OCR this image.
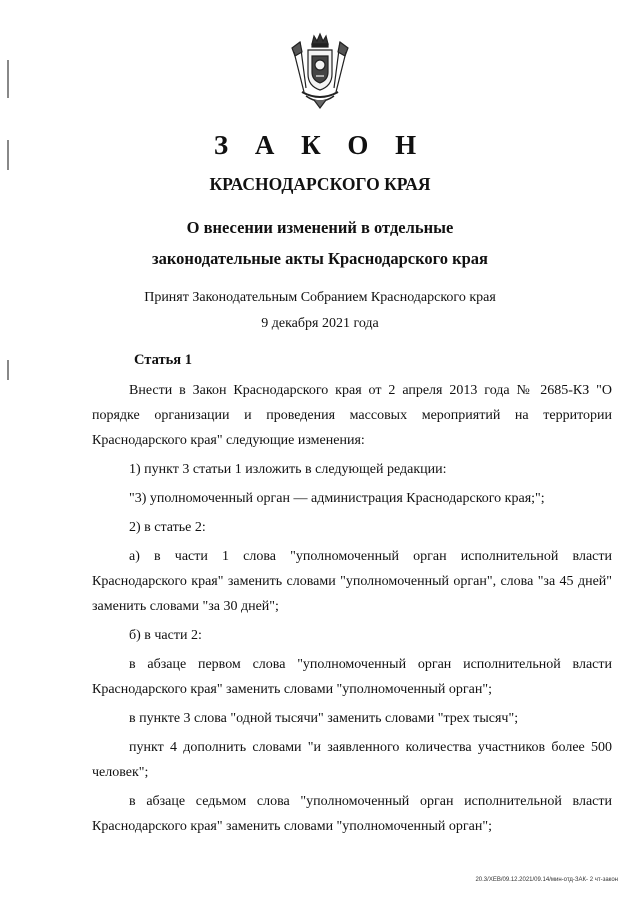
З А К О Н
КРАСНОДАРСКОГО КРАЯ
О внесении изменений в отдельные
законодательные акты Краснодарского края
Принят Законодательным Собранием Краснодарского края
9 декабря 2021 года
Статья 1

Внести в Закон Краснодарского края от 2 апреля 2013 года № 2685-КЗ "О порядке организации и проведения массовых мероприятий на территории Краснодарского края" следующие изменения:

1) пункт 3 статьи 1 изложить в следующей редакции:

"3) уполномоченный орган — администрация Краснодарского края;";

2) в статье 2:

а) в части 1 слова "уполномоченный орган исполнительной власти Краснодарского края" заменить словами "уполномоченный орган", слова "за 45 дней" заменить словами "за 30 дней";

б) в части 2:

в абзаце первом слова "уполномоченный орган исполнительной власти Краснодарского края" заменить словами "уполномоченный орган";

в пункте 3 слова "одной тысячи" заменить словами "трех тысяч";

пункт 4 дополнить словами "и заявленного количества участников более 500 человек";

в абзаце седьмом слова "уполномоченный орган исполнительной власти Краснодарского края" заменить словами "уполномоченный орган";

20.3/ХЕВ/09.12.2021/09.14/мин-отд-ЗАК- 2 чт-закон
